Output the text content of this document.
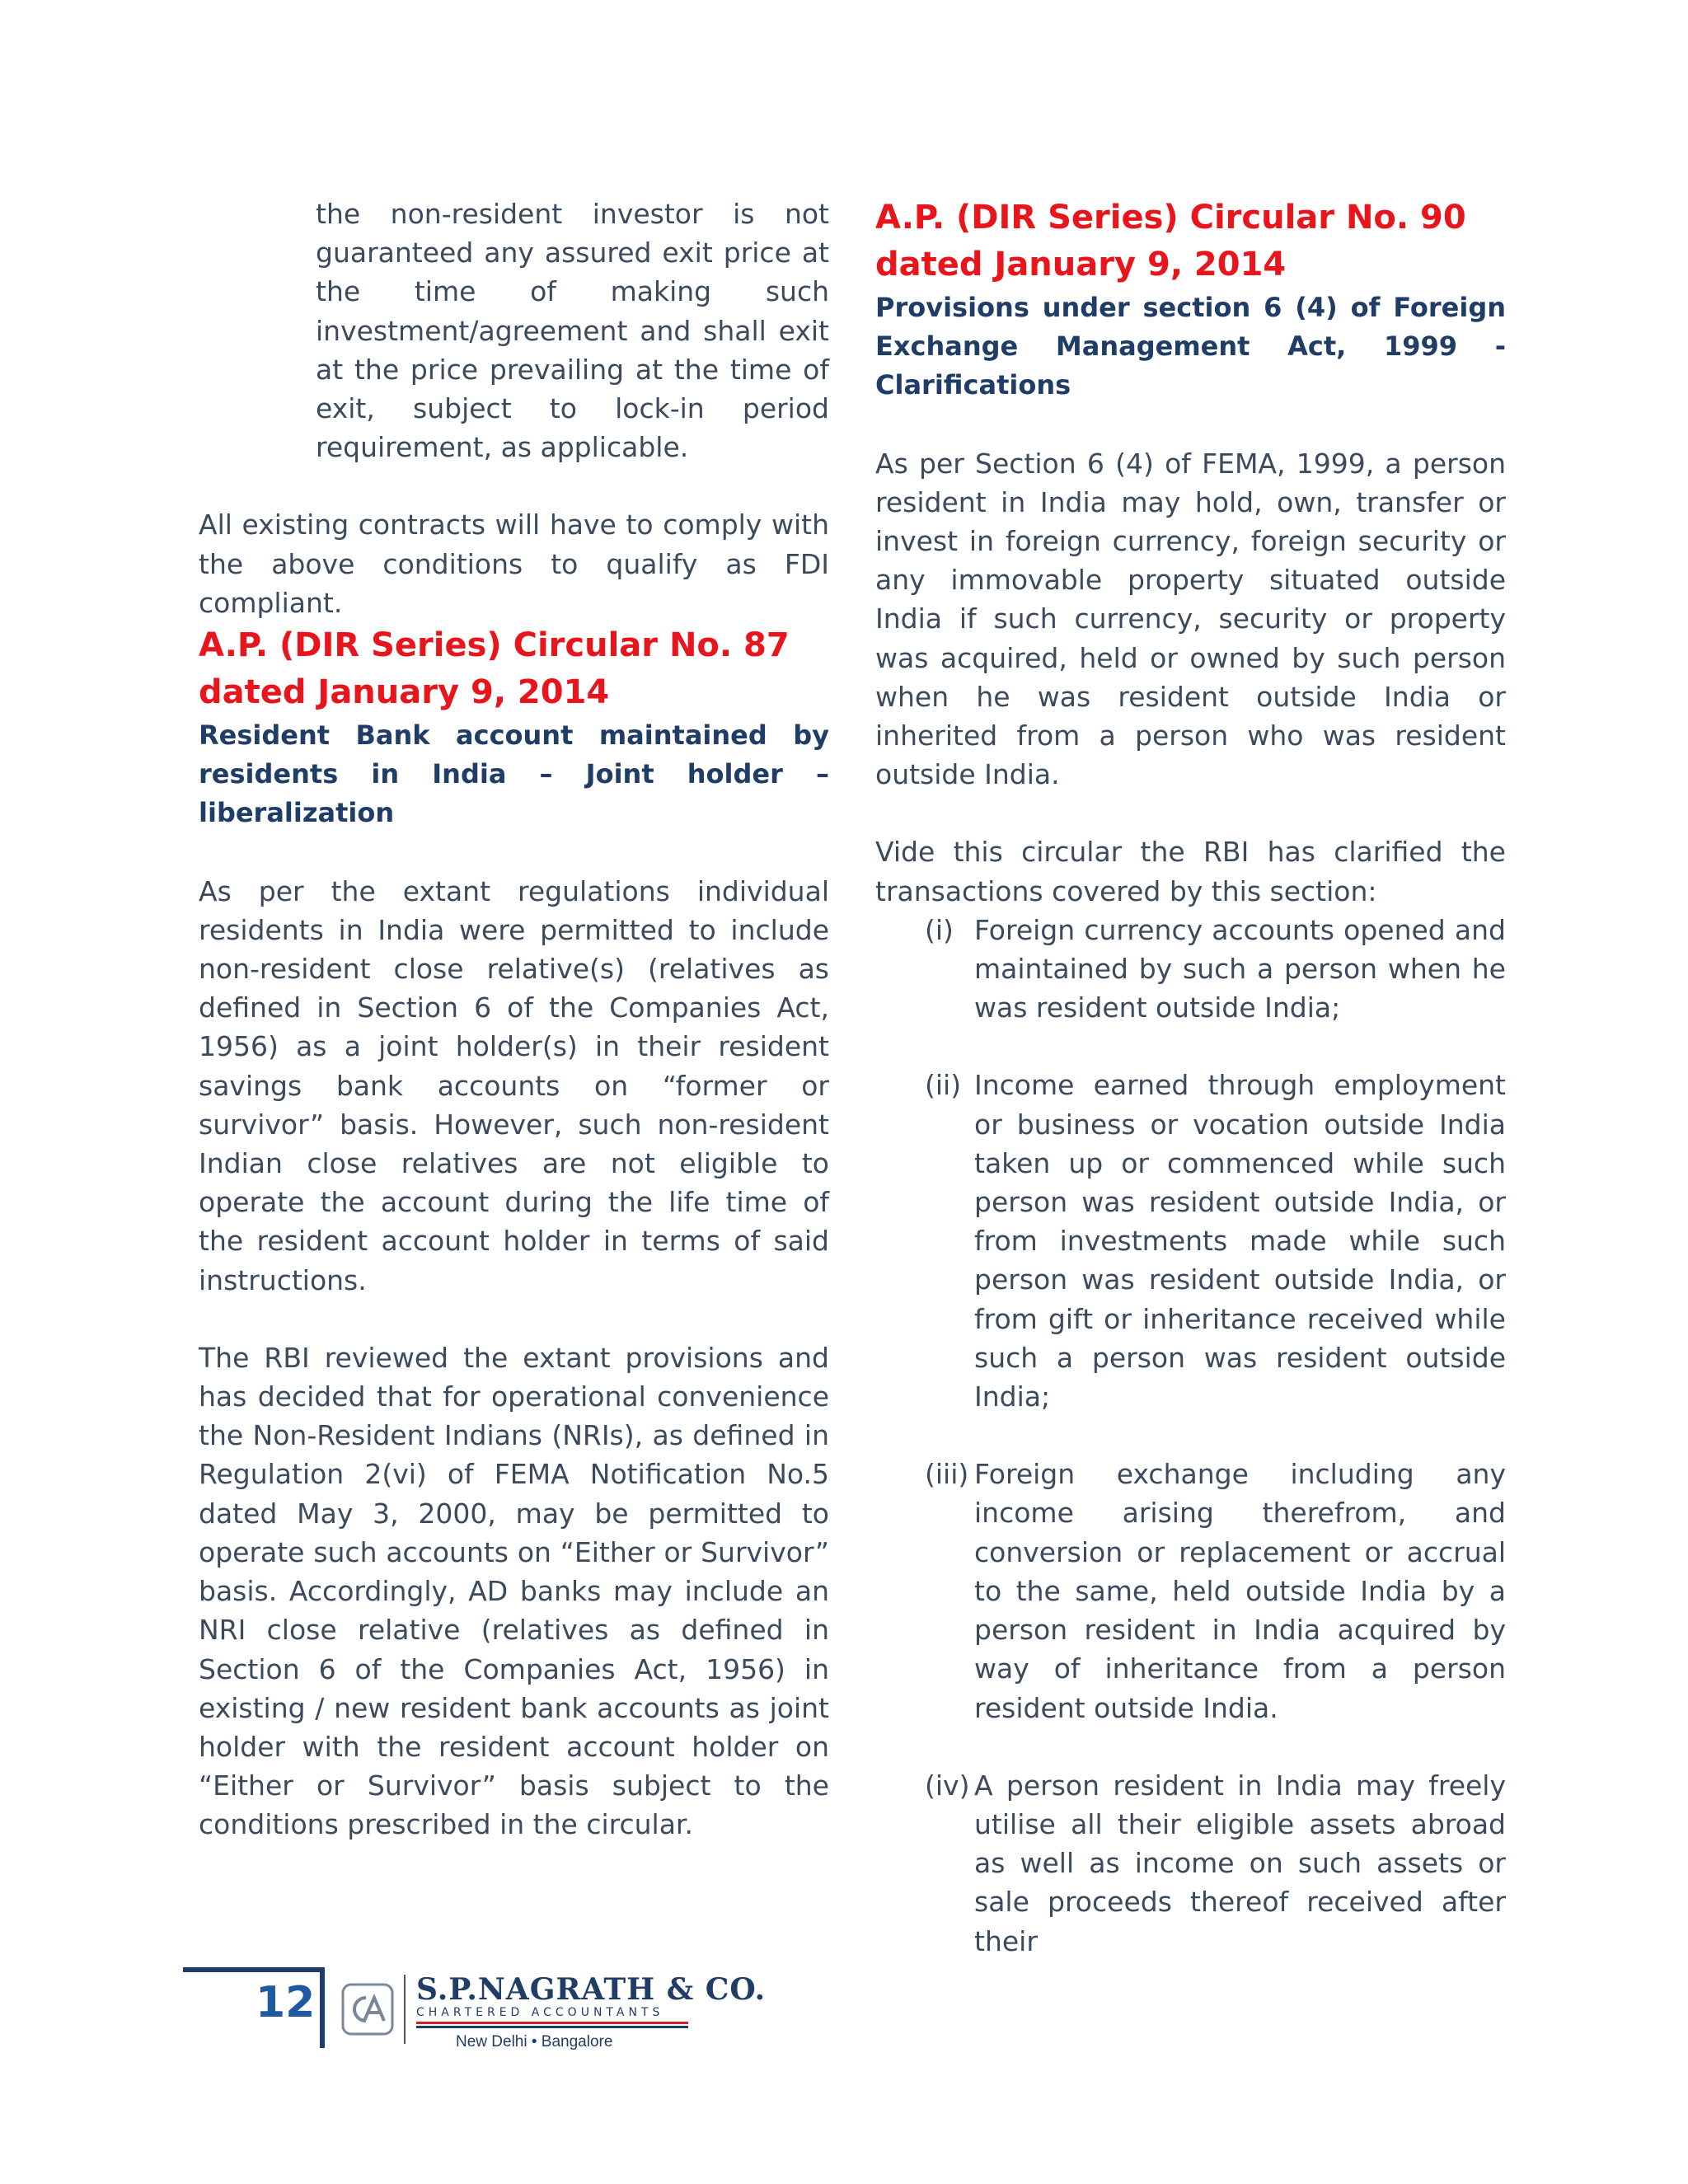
the non-resident investor is not guaranteed any assured exit price at the time of making such investment/agreement and shall exit at the price prevailing at the time of exit, subject to lock-in period requirement, as applicable.

All existing contracts will have to comply with the above conditions to qualify as FDI compliant.

A.P. (DIR Series) Circular No. 87 dated January 9, 2014
Resident Bank account maintained by residents in India – Joint holder – liberalization

As per the extant regulations individual residents in India were permitted to include non-resident close relative(s) (relatives as defined in Section 6 of the Companies Act, 1956) as a joint holder(s) in their resident savings bank accounts on “former or survivor” basis. However, such non-resident Indian close relatives are not eligible to operate the account during the life time of the resident account holder in terms of said instructions.

The RBI reviewed the extant provisions and has decided that for operational convenience the Non-Resident Indians (NRIs), as defined in Regulation 2(vi) of FEMA Notification No.5 dated May 3, 2000, may be permitted to operate such accounts on “Either or Survivor” basis. Accordingly, AD banks may include an NRI close relative (relatives as defined in Section 6 of the Companies Act, 1956) in existing / new resident bank accounts as joint holder with the resident account holder on “Either or Survivor” basis subject to the conditions prescribed in the circular.

A.P. (DIR Series) Circular No. 90 dated January 9, 2014
Provisions under section 6 (4) of Foreign Exchange Management Act, 1999 - Clarifications

As per Section 6 (4) of FEMA, 1999, a person resident in India may hold, own, transfer or invest in foreign currency, foreign security or any immovable property situated outside India if such currency, security or property was acquired, held or owned by such person when he was resident outside India or inherited from a person who was resident outside India.

Vide this circular the RBI has clarified the transactions covered by this section:

(i) Foreign currency accounts opened and maintained by such a person when he was resident outside India;
(ii) Income earned through employment or business or vocation outside India taken up or commenced while such person was resident outside India, or from investments made while such person was resident outside India, or from gift or inheritance received while such a person was resident outside India;
(iii) Foreign exchange including any income arising therefrom, and conversion or replacement or accrual to the same, held outside India by a person resident in India acquired by way of inheritance from a person resident outside India.
(iv) A person resident in India may freely utilise all their eligible assets abroad as well as income on such assets or sale proceeds thereof received after their
12	S.P.NAGRATH & CO.
CHARTERED ACCOUNTANTS
New Delhi • Bangalore
